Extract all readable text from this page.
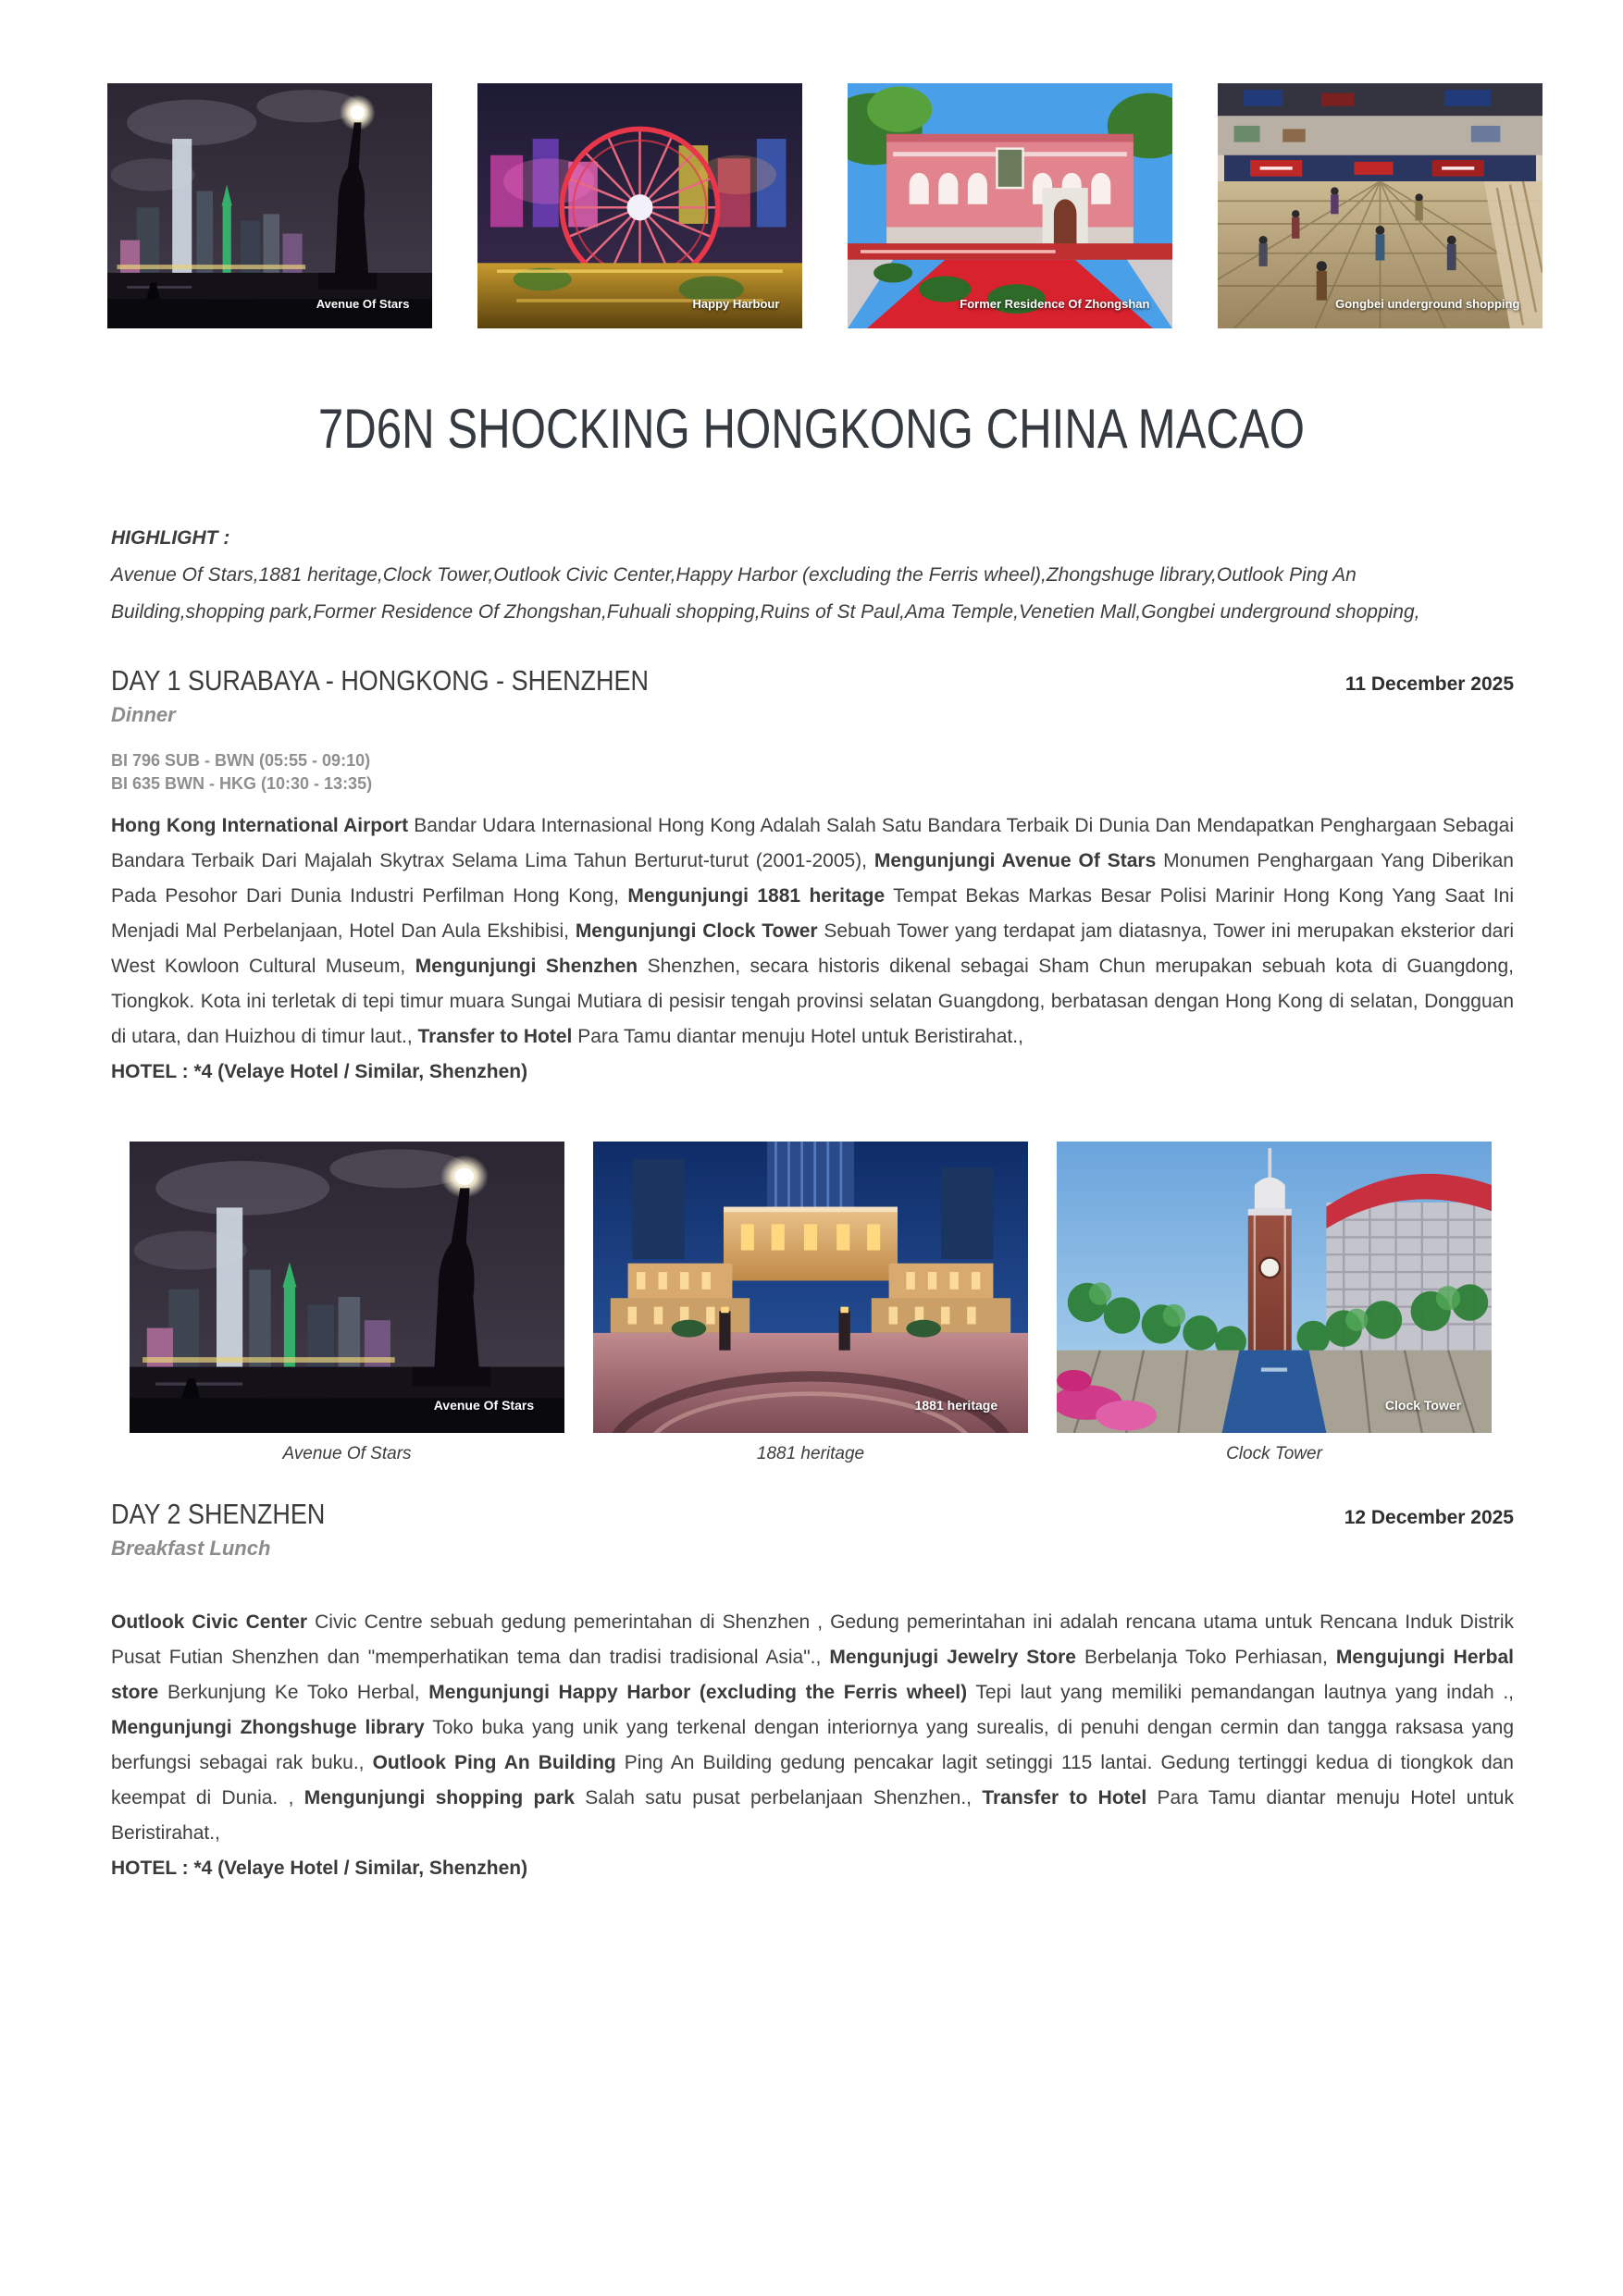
Avenue Of Stars	Happy Harbour	Former Residence Of Zhongshan	Gongbei underground shopping
7D6N SHOCKING HONGKONG CHINA MACAO

HIGHLIGHT :

Avenue Of Stars,1881 heritage,Clock Tower,Outlook Civic Center,Happy Harbor (excluding the Ferris wheel),Zhongshuge library,Outlook Ping An Building,shopping park,Former Residence Of Zhongshan,Fuhuali shopping,Ruins of St Paul,Ama Temple,Venetien Mall,Gongbei underground shopping,

DAY 1 SURABAYA - HONGKONG - SHENZHEN	11 December 2025

Dinner

BI 796 SUB - BWN (05:55 - 09:10)

BI 635 BWN - HKG (10:30 - 13:35)

Hong Kong International Airport Bandar Udara Internasional Hong Kong Adalah Salah Satu Bandara Terbaik Di Dunia Dan Mendapatkan Penghargaan Sebagai Bandara Terbaik Dari Majalah Skytrax Selama Lima Tahun Berturut-turut (2001-2005), Mengunjungi Avenue Of Stars Monumen Penghargaan Yang Diberikan Pada Pesohor Dari Dunia Industri Perfilman Hong Kong, Mengunjungi 1881 heritage Tempat Bekas Markas Besar Polisi Marinir Hong Kong Yang Saat Ini Menjadi Mal Perbelanjaan, Hotel Dan Aula Ekshibisi, Mengunjungi Clock Tower Sebuah Tower yang terdapat jam diatasnya, Tower ini merupakan eksterior dari West Kowloon Cultural Museum, Mengunjungi Shenzhen Shenzhen, secara historis dikenal sebagai Sham Chun merupakan sebuah kota di Guangdong, Tiongkok. Kota ini terletak di tepi timur muara Sungai Mutiara di pesisir tengah provinsi selatan Guangdong, berbatasan dengan Hong Kong di selatan, Dongguan di utara, dan Huizhou di timur laut., Transfer to Hotel Para Tamu diantar menuju Hotel untuk Beristirahat.,

HOTEL : *4 (Velaye Hotel / Similar, Shenzhen)

Avenue Of Stars	1881 heritage	Clock Tower
Avenue Of Stars	1881 heritage	Clock Tower
DAY 2 SHENZHEN	12 December 2025

Breakfast Lunch

Outlook Civic Center Civic Centre sebuah gedung pemerintahan di Shenzhen , Gedung pemerintahan ini adalah rencana utama untuk Rencana Induk Distrik Pusat Futian Shenzhen dan "memperhatikan tema dan tradisi tradisional Asia"., Mengunjugi Jewelry Store Berbelanja Toko Perhiasan, Mengujungi Herbal store Berkunjung Ke Toko Herbal, Mengunjungi Happy Harbor (excluding the Ferris wheel) Tepi laut yang memiliki pemandangan lautnya yang indah ., Mengunjungi Zhongshuge library Toko buka yang unik yang terkenal dengan interiornya yang surealis, di penuhi dengan cermin dan tangga raksasa yang berfungsi sebagai rak buku., Outlook Ping An Building Ping An Building gedung pencakar lagit setinggi 115 lantai. Gedung tertinggi kedua di tiongkok dan keempat di Dunia. , Mengunjungi shopping park Salah satu pusat perbelanjaan Shenzhen., Transfer to Hotel Para Tamu diantar menuju Hotel untuk Beristirahat.,

HOTEL : *4 (Velaye Hotel / Similar, Shenzhen)
